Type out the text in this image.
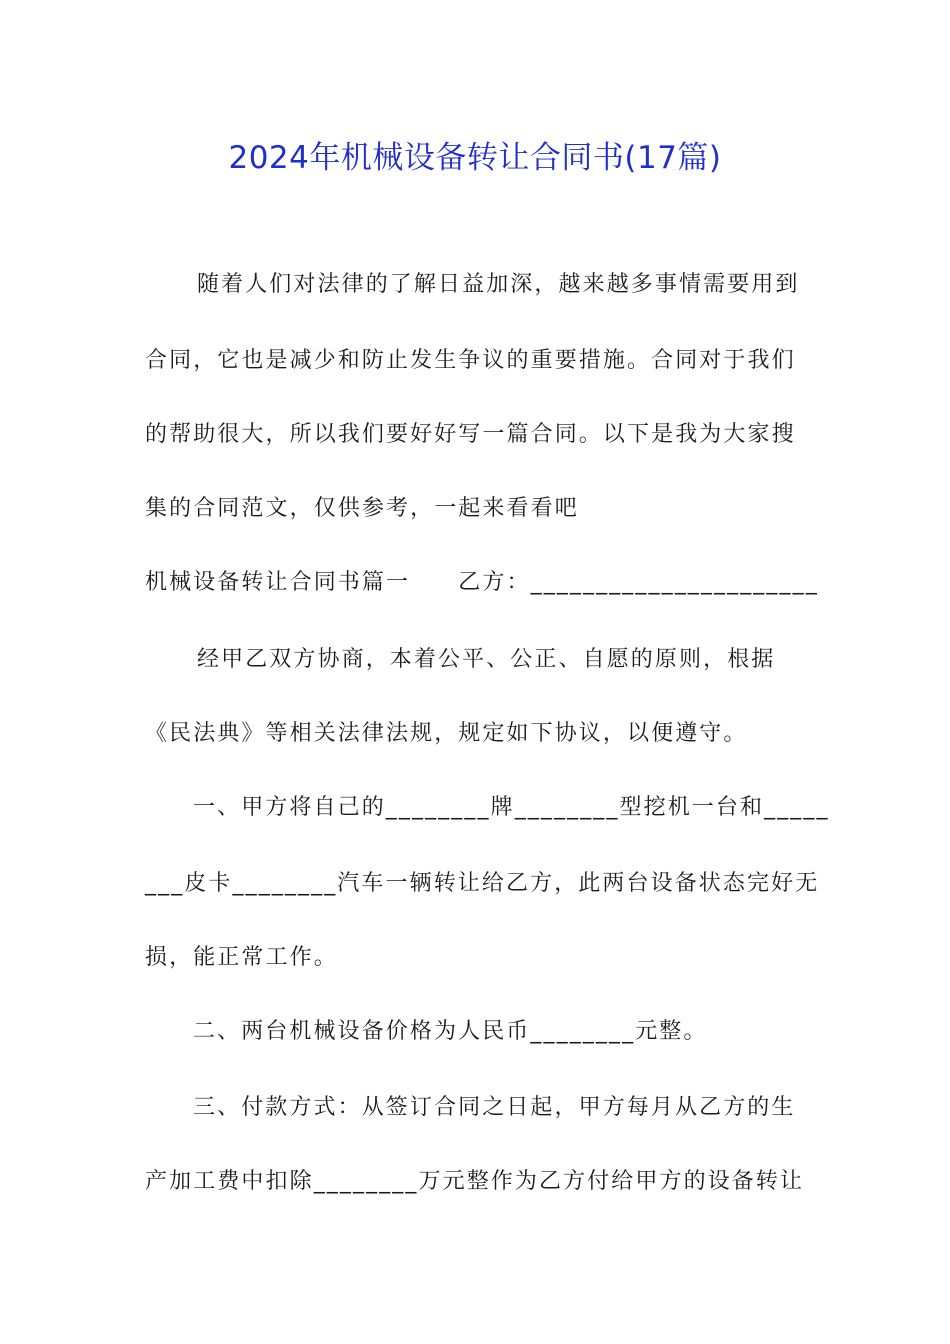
2024年机械设备转让合同书(17篇)
随着人们对法律的了解日益加深，越来越多事情需要用到
合同，它也是减少和防止发生争议的重要措施。合同对于我们
的帮助很大，所以我们要好好写一篇合同。以下是我为大家搜
集的合同范文，仅供参考，一起来看看吧
机械设备转让合同书篇一　　乙方：______________________
经甲乙双方协商，本着公平、公正、自愿的原则，根据
《民法典》等相关法律法规，规定如下协议，以便遵守。
一、甲方将自己的________牌________型挖机一台和_____
___皮卡________汽车一辆转让给乙方，此两台设备状态完好无
损，能正常工作。
二、两台机械设备价格为人民币________元整。
三、付款方式：从签订合同之日起，甲方每月从乙方的生
产加工费中扣除________万元整作为乙方付给甲方的设备转让
